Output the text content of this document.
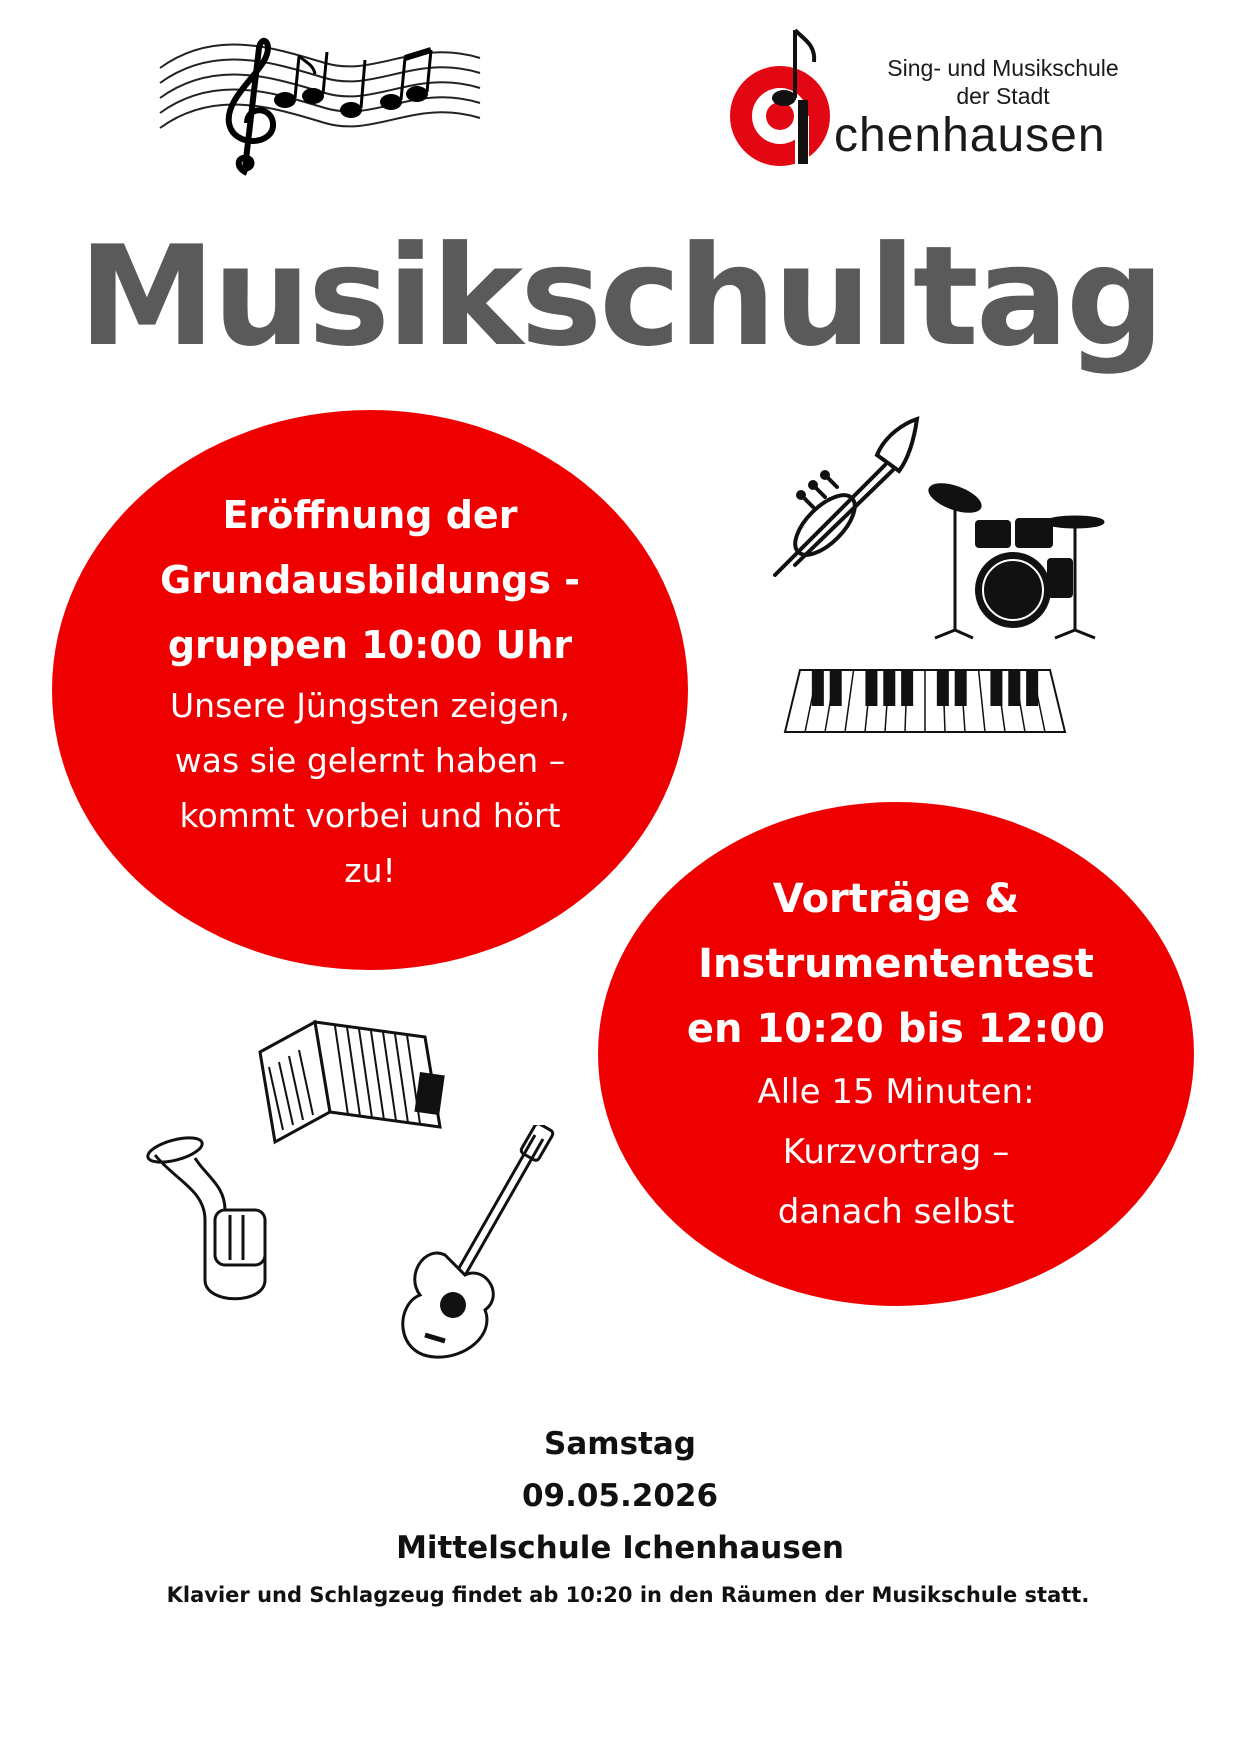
Sing- und Musikschule
der Stadt
chenhausen
Musikschultag
Eröffnung der
Grundausbildungs -
gruppen 10:00 Uhr
Unsere Jüngsten zeigen,
was sie gelernt haben –
kommt vorbei und hört
zu!
Vorträge &
Instrumententest
en 10:20 bis 12:00
Alle 15 Minuten:
Kurzvortrag –
danach selbst
Samstag
09.05.2026
Mittelschule Ichenhausen
Klavier und Schlagzeug findet ab 10:20 in den Räumen der Musikschule statt.
